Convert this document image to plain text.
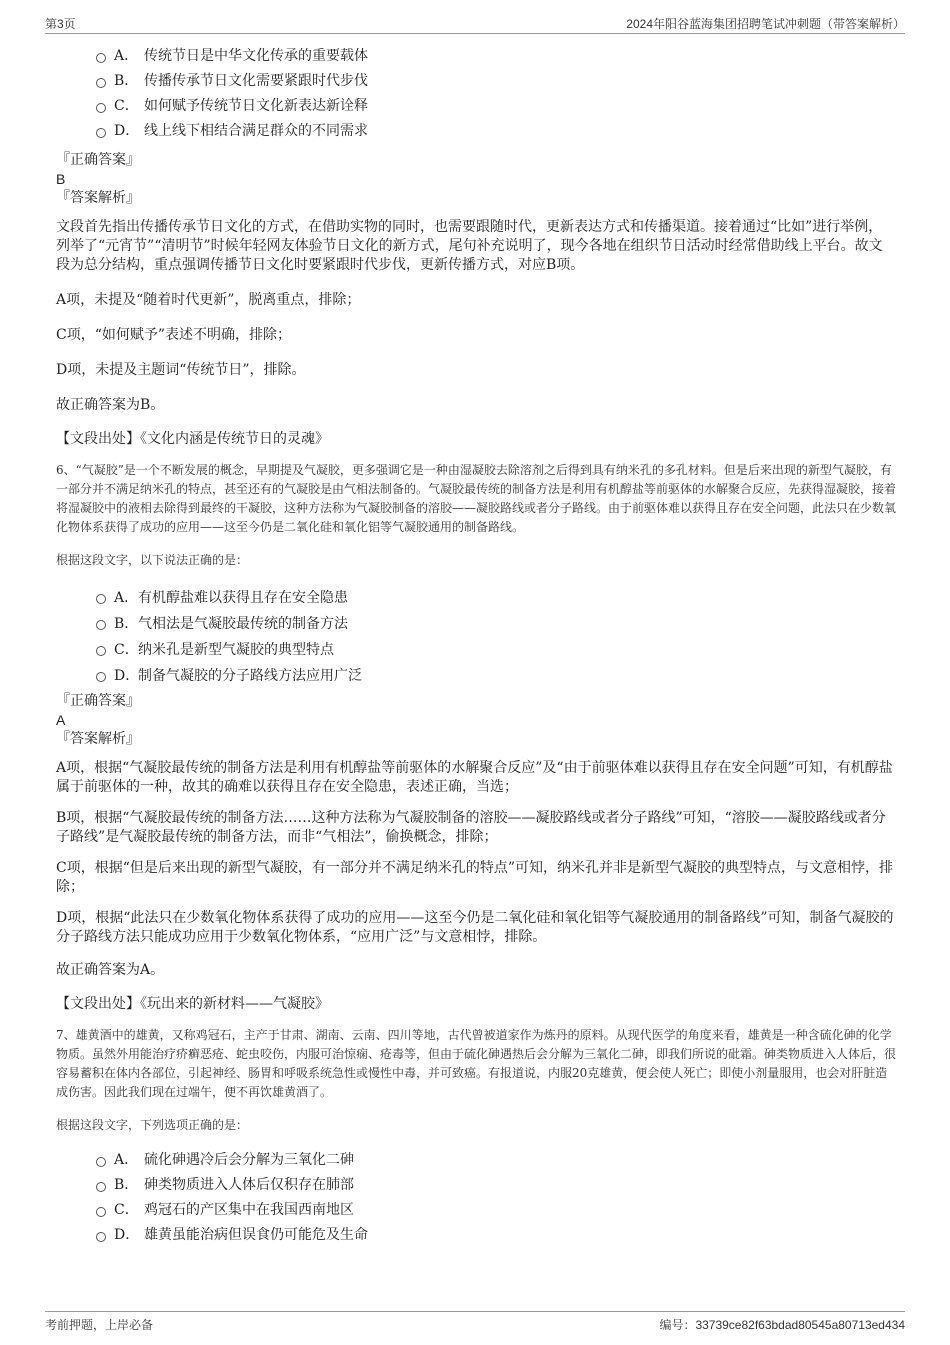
第3页	2024年阳谷蓝海集团招聘笔试冲刺题（带答案解析）
A． 传统节日是中华文化传承的重要载体
B． 传播传承节日文化需要紧跟时代步伐
C． 如何赋予传统节日文化新表达新诠释
D． 线上线下相结合满足群众的不同需求

『正确答案』

B

『答案解析』

文段首先指出传播传承节日文化的方式，在借助实物的同时，也需要跟随时代，更新表达方式和传播渠道。接着通过“比如”进行举例，列举了“元宵节”“清明节”时候年轻网友体验节日文化的新方式，尾句补充说明了，现今各地在组织节日活动时经常借助线上平台。故文段为总分结构，重点强调传播节日文化时要紧跟时代步伐，更新传播方式，对应B项。

A项，未提及“随着时代更新”，脱离重点，排除；

C项，“如何赋予”表述不明确，排除；

D项，未提及主题词“传统节日”，排除。

故正确答案为B。

【文段出处】《文化内涵是传统节日的灵魂》

6、“气凝胶”是一个不断发展的概念，早期提及气凝胶，更多强调它是一种由湿凝胶去除溶剂之后得到具有纳米孔的多孔材料。但是后来出现的新型气凝胶，有一部分并不满足纳米孔的特点，甚至还有的气凝胶是由气相法制备的。气凝胶最传统的制备方法是利用有机醇盐等前驱体的水解聚合反应，先获得湿凝胶，接着将湿凝胶中的液相去除得到最终的干凝胶，这种方法称为气凝胶制备的溶胶——凝胶路线或者分子路线。由于前驱体难以获得且存在安全问题，此法只在少数氧化物体系获得了成功的应用——这至今仍是二氧化硅和氧化铝等气凝胶通用的制备路线。

根据这段文字，以下说法正确的是：

A．有机醇盐难以获得且存在安全隐患
B．气相法是气凝胶最传统的制备方法
C．纳米孔是新型气凝胶的典型特点
D．制备气凝胶的分子路线方法应用广泛

『正确答案』

A

『答案解析』

A项，根据“气凝胶最传统的制备方法是利用有机醇盐等前驱体的水解聚合反应”及“由于前驱体难以获得且存在安全问题”可知，有机醇盐属于前驱体的一种，故其的确难以获得且存在安全隐患，表述正确，当选；

B项，根据“气凝胶最传统的制备方法……这种方法称为气凝胶制备的溶胶——凝胶路线或者分子路线”可知，“溶胶——凝胶路线或者分子路线”是气凝胶最传统的制备方法，而非“气相法”，偷换概念，排除；

C项，根据“但是后来出现的新型气凝胶，有一部分并不满足纳米孔的特点”可知，纳米孔并非是新型气凝胶的典型特点，与文意相悖，排除；

D项，根据“此法只在少数氧化物体系获得了成功的应用——这至今仍是二氧化硅和氧化铝等气凝胶通用的制备路线”可知，制备气凝胶的分子路线方法只能成功应用于少数氧化物体系，“应用广泛”与文意相悖，排除。

故正确答案为A。

【文段出处】《玩出来的新材料——气凝胶》

7、雄黄酒中的雄黄，又称鸡冠石，主产于甘肃、湖南、云南、四川等地，古代曾被道家作为炼丹的原料。从现代医学的角度来看，雄黄是一种含硫化砷的化学物质。虽然外用能治疗疥癣恶疮、蛇虫咬伤，内服可治惊痫、疮毒等，但由于硫化砷遇热后会分解为三氧化二砷，即我们所说的砒霜。砷类物质进入人体后，很容易蓄积在体内各部位，引起神经、肠胃和呼吸系统急性或慢性中毒，并可致癌。有报道说，内服20克雄黄，便会使人死亡；即使小剂量服用，也会对肝脏造成伤害。因此我们现在过端午，便不再饮雄黄酒了。

根据这段文字，下列选项正确的是：

A． 硫化砷遇冷后会分解为三氧化二砷
B． 砷类物质进入人体后仅积存在肺部
C． 鸡冠石的产区集中在我国西南地区
D． 雄黄虽能治病但误食仍可能危及生命
考前押题，上岸必备	编号：33739ce82f63bdad80545a80713ed434
